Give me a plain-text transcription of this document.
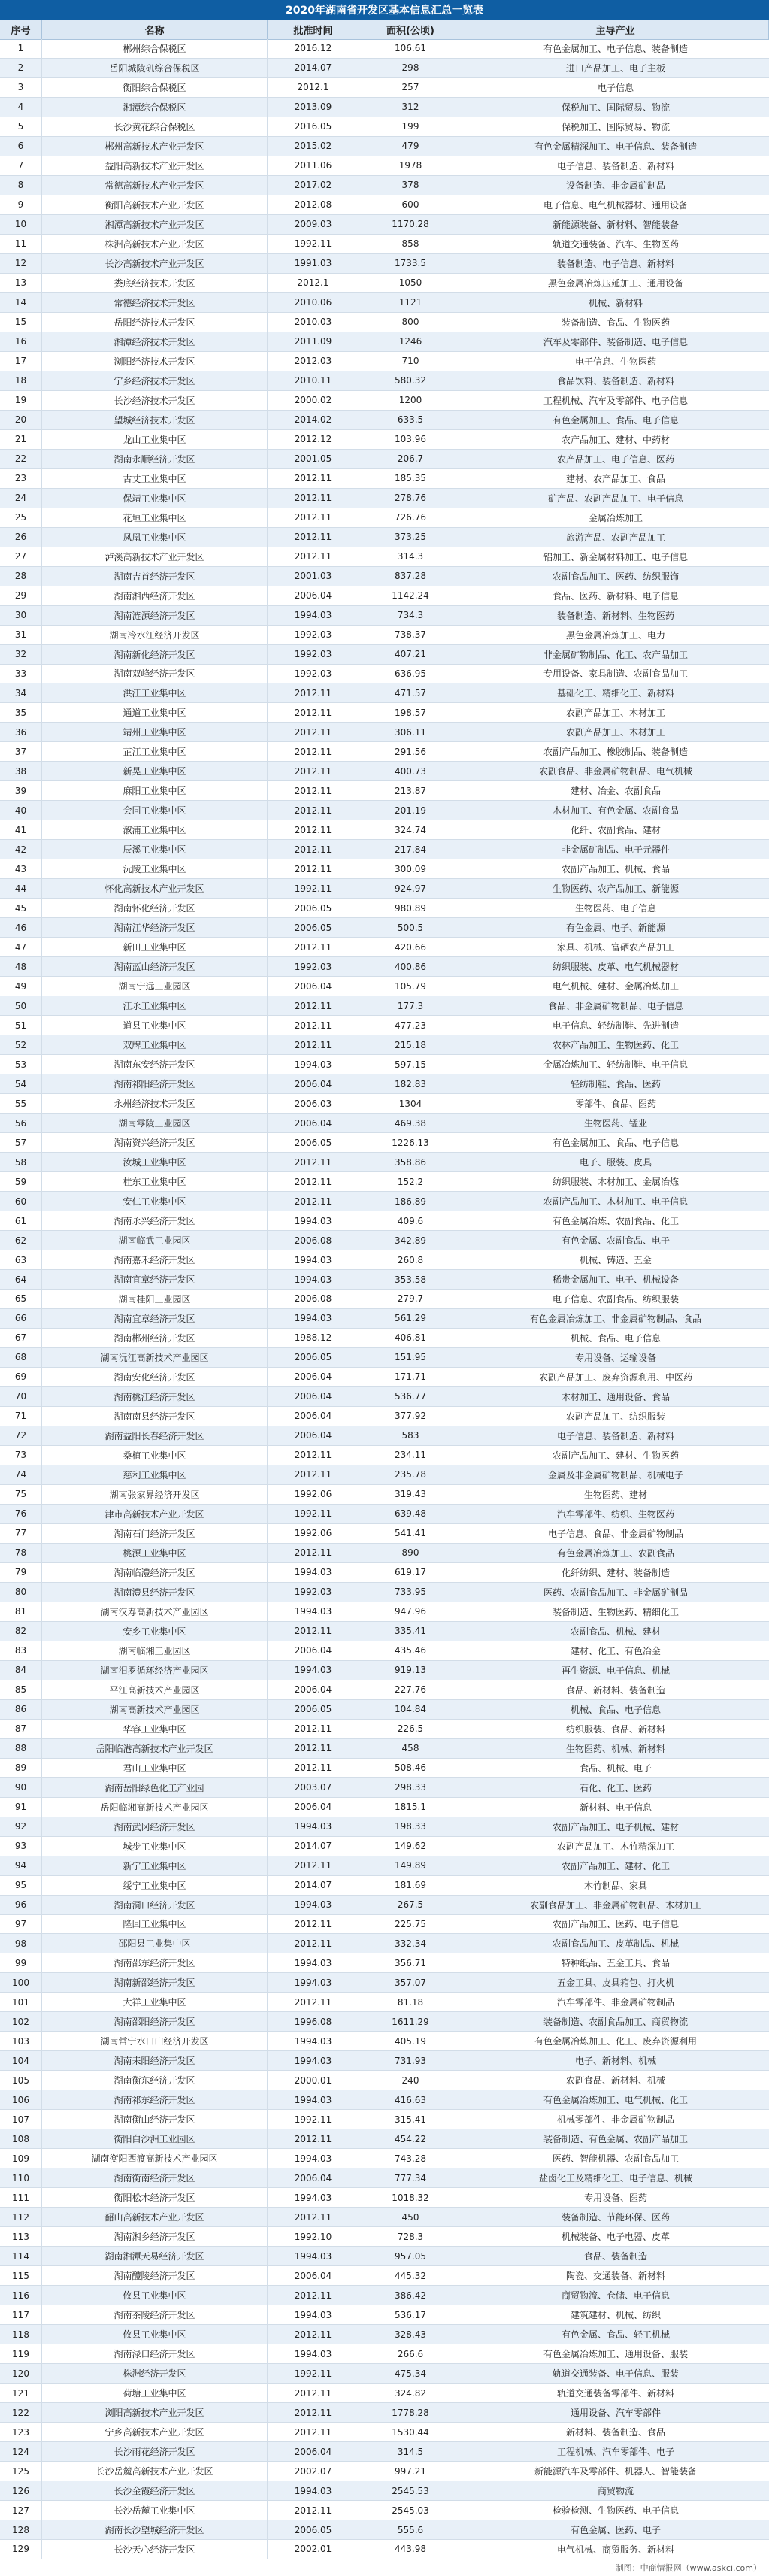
2020年湖南省开发区基本信息汇总一览表
序号	名称	批准时间	面积(公顷)	主导产业
1	郴州综合保税区	2016.12	106.61	有色金属加工、电子信息、装备制造
2	岳阳城陵矶综合保税区	2014.07	298	进口产品加工、电子主板
3	衡阳综合保税区	2012.1	257	电子信息
4	湘潭综合保税区	2013.09	312	保税加工、国际贸易、物流
5	长沙黄花综合保税区	2016.05	199	保税加工、国际贸易、物流
6	郴州高新技术产业开发区	2015.02	479	有色金属精深加工、电子信息、装备制造
7	益阳高新技术产业开发区	2011.06	1978	电子信息、装备制造、新材料
8	常德高新技术产业开发区	2017.02	378	设备制造、非金属矿制品
9	衡阳高新技术产业开发区	2012.08	600	电子信息、电气机械器材、通用设备
10	湘潭高新技术产业开发区	2009.03	1170.28	新能源装备、新材料、智能装备
11	株洲高新技术产业开发区	1992.11	858	轨道交通装备、汽车、生物医药
12	长沙高新技术产业开发区	1991.03	1733.5	装备制造、电子信息、新材料
13	娄底经济技术开发区	2012.1	1050	黑色金属冶炼压延加工、通用设备
14	常德经济技术开发区	2010.06	1121	机械、新材料
15	岳阳经济技术开发区	2010.03	800	装备制造、食品、生物医药
16	湘潭经济技术开发区	2011.09	1246	汽车及零部件、装备制造、电子信息
17	浏阳经济技术开发区	2012.03	710	电子信息、生物医药
18	宁乡经济技术开发区	2010.11	580.32	食品饮料、装备制造、新材料
19	长沙经济技术开发区	2000.02	1200	工程机械、汽车及零部件、电子信息
20	望城经济技术开发区	2014.02	633.5	有色金属加工、食品、电子信息
21	龙山工业集中区	2012.12	103.96	农产品加工、建材、中药材
22	湖南永顺经济开发区	2001.05	206.7	农产品加工、电子信息、医药
23	古丈工业集中区	2012.11	185.35	建材、农产品加工、食品
24	保靖工业集中区	2012.11	278.76	矿产品、农副产品加工、电子信息
25	花垣工业集中区	2012.11	726.76	金属冶炼加工
26	凤凰工业集中区	2012.11	373.25	旅游产品、农副产品加工
27	泸溪高新技术产业开发区	2012.11	314.3	铝加工、新金属材料加工、电子信息
28	湖南吉首经济开发区	2001.03	837.28	农副食品加工、医药、纺织服饰
29	湖南湘西经济开发区	2006.04	1142.24	食品、医药、新材料、电子信息
30	湖南涟源经济开发区	1994.03	734.3	装备制造、新材料、生物医药
31	湖南冷水江经济开发区	1992.03	738.37	黑色金属冶炼加工、电力
32	湖南新化经济开发区	1992.03	407.21	非金属矿物制品、化工、农产品加工
33	湖南双峰经济开发区	1992.03	636.95	专用设备、家具制造、农副食品加工
34	洪江工业集中区	2012.11	471.57	基础化工、精细化工、新材料
35	通道工业集中区	2012.11	198.57	农副产品加工、木材加工
36	靖州工业集中区	2012.11	306.11	农副产品加工、木材加工
37	芷江工业集中区	2012.11	291.56	农副产品加工、橡胶制品、装备制造
38	新晃工业集中区	2012.11	400.73	农副食品、非金属矿物制品、电气机械
39	麻阳工业集中区	2012.11	213.87	建材、冶金、农副食品
40	会同工业集中区	2012.11	201.19	木材加工、有色金属、农副食品
41	溆浦工业集中区	2012.11	324.74	化纤、农副食品、建材
42	辰溪工业集中区	2012.11	217.84	非金属矿制品、电子元器件
43	沅陵工业集中区	2012.11	300.09	农副产品加工、机械、食品
44	怀化高新技术产业开发区	1992.11	924.97	生物医药、农产品加工、新能源
45	湖南怀化经济开发区	2006.05	980.89	生物医药、电子信息
46	湖南江华经济开发区	2006.05	500.5	有色金属、电子、新能源
47	新田工业集中区	2012.11	420.66	家具、机械、富硒农产品加工
48	湖南蓝山经济开发区	1992.03	400.86	纺织服装、皮革、电气机械器材
49	湖南宁远工业园区	2006.04	105.79	电气机械、建材、金属冶炼加工
50	江永工业集中区	2012.11	177.3	食品、非金属矿物制品、电子信息
51	道县工业集中区	2012.11	477.23	电子信息、轻纺制鞋、先进制造
52	双牌工业集中区	2012.11	215.18	农林产品加工、生物医药、化工
53	湖南东安经济开发区	1994.03	597.15	金属冶炼加工、轻纺制鞋、电子信息
54	湖南祁阳经济开发区	2006.04	182.83	轻纺制鞋、食品、医药
55	永州经济技术开发区	2006.03	1304	零部件、食品、医药
56	湖南零陵工业园区	2006.04	469.38	生物医药、锰业
57	湖南资兴经济开发区	2006.05	1226.13	有色金属加工、食品、电子信息
58	汝城工业集中区	2012.11	358.86	电子、服装、皮具
59	桂东工业集中区	2012.11	152.2	纺织服装、木材加工、金属冶炼
60	安仁工业集中区	2012.11	186.89	农副产品加工、木材加工、电子信息
61	湖南永兴经济开发区	1994.03	409.6	有色金属冶炼、农副食品、化工
62	湖南临武工业园区	2006.08	342.89	有色金属、农副食品、电子
63	湖南嘉禾经济开发区	1994.03	260.8	机械、铸造、五金
64	湖南宜章经济开发区	1994.03	353.58	稀贵金属加工、电子、机械设备
65	湖南桂阳工业园区	2006.08	279.7	电子信息、农副食品、纺织服装
66	湖南宜章经济开发区	1994.03	561.29	有色金属冶炼加工、非金属矿物制品、食品
67	湖南郴州经济开发区	1988.12	406.81	机械、食品、电子信息
68	湖南沅江高新技术产业园区	2006.05	151.95	专用设备、运输设备
69	湖南安化经济开发区	2006.04	171.71	农副产品加工、废弃资源利用、中医药
70	湖南桃江经济开发区	2006.04	536.77	木材加工、通用设备、食品
71	湖南南县经济开发区	2006.04	377.92	农副产品加工、纺织服装
72	湖南益阳长春经济开发区	2006.04	583	电子信息、装备制造、新材料
73	桑植工业集中区	2012.11	234.11	农副产品加工、建材、生物医药
74	慈利工业集中区	2012.11	235.78	金属及非金属矿物制品、机械电子
75	湖南张家界经济开发区	1992.06	319.43	生物医药、建材
76	津市高新技术产业开发区	1992.11	639.48	汽车零部件、纺织、生物医药
77	湖南石门经济开发区	1992.06	541.41	电子信息、食品、非金属矿物制品
78	桃源工业集中区	2012.11	890	有色金属冶炼加工、农副食品
79	湖南临澧经济开发区	1994.03	619.17	化纤纺织、建材、装备制造
80	湖南澧县经济开发区	1992.03	733.95	医药、农副食品加工、非金属矿制品
81	湖南汉寿高新技术产业园区	1994.03	947.96	装备制造、生物医药、精细化工
82	安乡工业集中区	2012.11	335.41	农副食品、机械、建材
83	湖南临湘工业园区	2006.04	435.46	建材、化工、有色冶金
84	湖南汨罗循环经济产业园区	1994.03	919.13	再生资源、电子信息、机械
85	平江高新技术产业园区	2006.04	227.76	食品、新材料、装备制造
86	湖南高新技术产业园区	2006.05	104.84	机械、食品、电子信息
87	华容工业集中区	2012.11	226.5	纺织服装、食品、新材料
88	岳阳临港高新技术产业开发区	2012.11	458	生物医药、机械、新材料
89	君山工业集中区	2012.11	508.46	食品、机械、电子
90	湖南岳阳绿色化工产业园	2003.07	298.33	石化、化工、医药
91	岳阳临湘高新技术产业园区	2006.04	1815.1	新材料、电子信息
92	湖南武冈经济开发区	1994.03	198.33	农副产品加工、电子机械、建材
93	城步工业集中区	2014.07	149.62	农副产品加工、木竹精深加工
94	新宁工业集中区	2012.11	149.89	农副产品加工、建材、化工
95	绥宁工业集中区	2014.07	181.69	木竹制品、家具
96	湖南洞口经济开发区	1994.03	267.5	农副食品加工、非金属矿物制品、木材加工
97	隆回工业集中区	2012.11	225.75	农副产品加工、医药、电子信息
98	邵阳县工业集中区	2012.11	332.34	农副食品加工、皮革制品、机械
99	湖南邵东经济开发区	1994.03	356.71	特种纸品、五金工具、食品
100	湖南新邵经济开发区	1994.03	357.07	五金工具、皮具箱包、打火机
101	大祥工业集中区	2012.11	81.18	汽车零部件、非金属矿物制品
102	湖南邵阳经济开发区	1996.08	1611.29	装备制造、农副食品加工、商贸物流
103	湖南常宁水口山经济开发区	1994.03	405.19	有色金属冶炼加工、化工、废弃资源利用
104	湖南耒阳经济开发区	1994.03	731.93	电子、新材料、机械
105	湖南衡东经济开发区	2000.01	240	农副食品、新材料、机械
106	湖南祁东经济开发区	1994.03	416.63	有色金属冶炼加工、电气机械、化工
107	湖南衡山经济开发区	1992.11	315.41	机械零部件、非金属矿物制品
108	衡阳白沙洲工业园区	2012.11	454.22	装备制造、有色金属、农副产品加工
109	湖南衡阳西渡高新技术产业园区	1994.03	743.28	医药、智能机器、农副食品加工
110	湖南衡南经济开发区	2006.04	777.34	盐卤化工及精细化工、电子信息、机械
111	衡阳松木经济开发区	1994.03	1018.32	专用设备、医药
112	韶山高新技术产业开发区	2012.11	450	装备制造、节能环保、医药
113	湖南湘乡经济开发区	1992.10	728.3	机械装备、电子电器、皮革
114	湖南湘潭天易经济开发区	1994.03	957.05	食品、装备制造
115	湖南醴陵经济开发区	2006.04	445.32	陶瓷、交通装备、新材料
116	攸县工业集中区	2012.11	386.42	商贸物流、仓储、电子信息
117	湖南茶陵经济开发区	1994.03	536.17	建筑建材、机械、纺织
118	攸县工业集中区	2012.11	328.43	有色金属、食品、轻工机械
119	湖南渌口经济开发区	1994.03	266.6	有色金属冶炼加工、通用设备、服装
120	株洲经济开发区	1992.11	475.34	轨道交通装备、电子信息、服装
121	荷塘工业集中区	2012.11	324.82	轨道交通装备零部件、新材料
122	浏阳高新技术产业开发区	2012.11	1778.28	通用设备、汽车零部件
123	宁乡高新技术产业开发区	2012.11	1530.44	新材料、装备制造、食品
124	长沙雨花经济开发区	2006.04	314.5	工程机械、汽车零部件、电子
125	长沙岳麓高新技术产业开发区	2002.07	997.21	新能源汽车及零部件、机器人、智能装备
126	长沙金霞经济开发区	1994.03	2545.53	商贸物流
127	长沙岳麓工业集中区	2012.11	2545.03	检验检测、生物医药、电子信息
128	湖南长沙望城经济开发区	2006.05	555.6	有色金属、医药、电子
129	长沙天心经济开发区	2002.01	443.98	电气机械、商贸服务、新材料
制图：中商情报网（www.askci.com）
